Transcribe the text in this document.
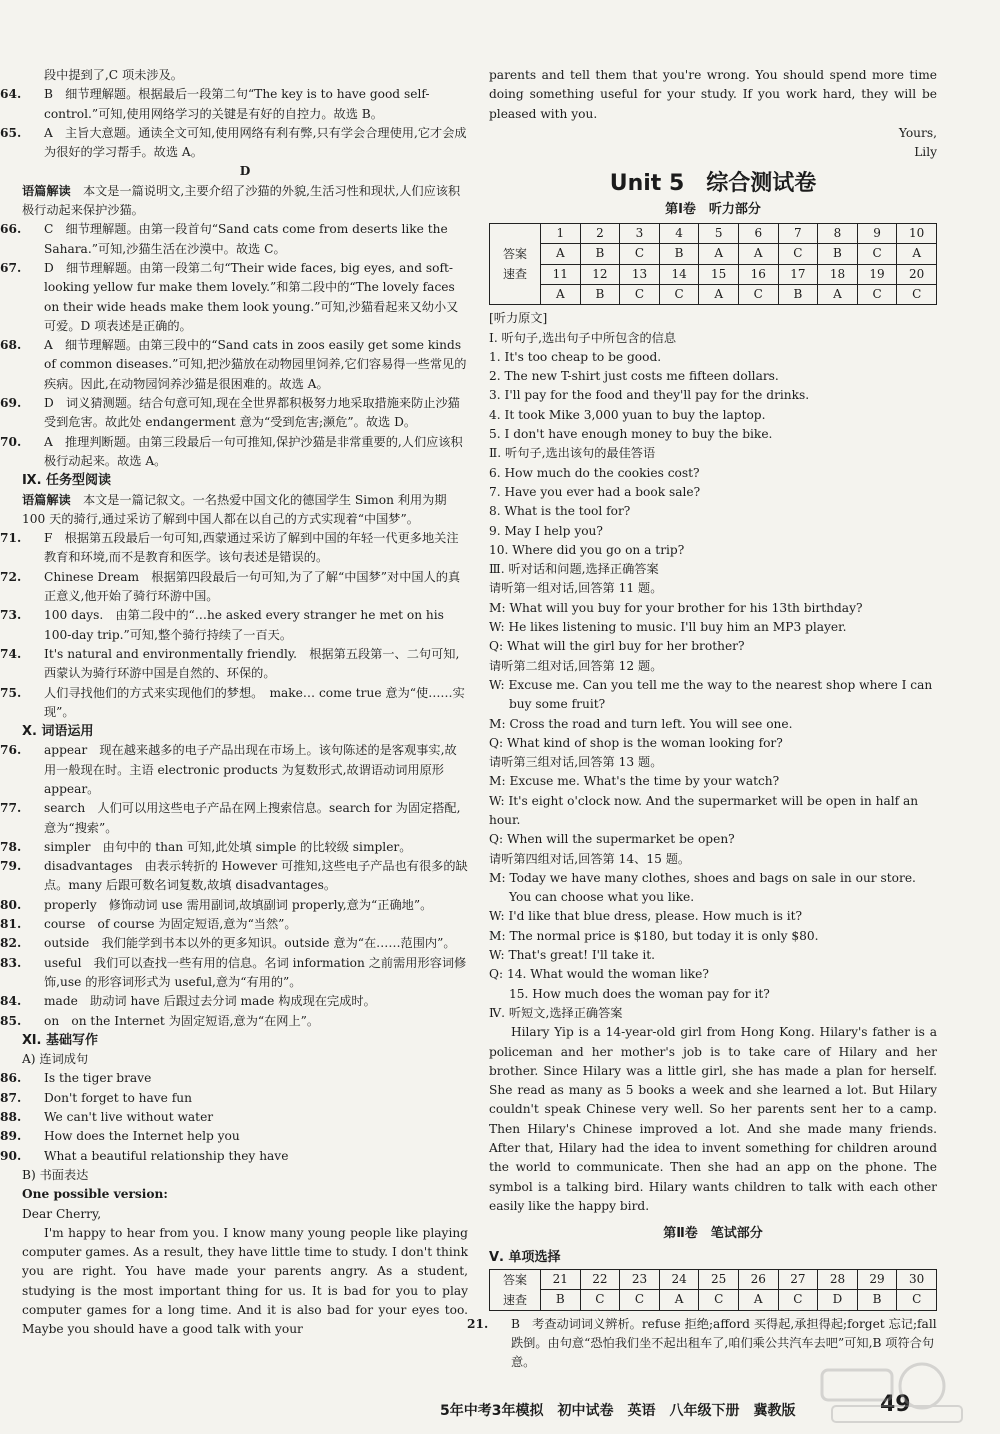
段中提到了,C 项未涉及。

64. B　细节理解题。根据最后一段第二句“The key is to have good self-control.”可知,使用网络学习的关键是有好的自控力。故选 B。

65. A　主旨大意题。通读全文可知,使用网络有利有弊,只有学会合理使用,它才会成为很好的学习帮手。故选 A。

D

语篇解读　 本文是一篇说明文,主要介绍了沙猫的外貌,生活习性和现状,人们应该积极行动起来保护沙猫。

66. C　细节理解题。由第一段首句“Sand cats come from deserts like the Sahara.”可知,沙猫生活在沙漠中。故选 C。

67. D　细节理解题。由第一段第二句“Their wide faces, big eyes, and soft-looking yellow fur make them lovely.”和第二段中的“The lovely faces on their wide heads make them look young.”可知,沙猫看起来又幼小又可爱。D 项表述是正确的。

68. A　细节理解题。由第三段中的“Sand cats in zoos easily get some kinds of common diseases.”可知,把沙猫放在动物园里饲养,它们容易得一些常见的疾病。因此,在动物园饲养沙猫是很困难的。故选 A。

69. D　词义猜测题。结合句意可知,现在全世界都积极努力地采取措施来防止沙猫受到危害。故此处 endangerment 意为“受到危害;濒危”。故选 D。

70. A　推理判断题。由第三段最后一句可推知,保护沙猫是非常重要的,人们应该积极行动起来。故选 A。

Ⅸ. 任务型阅读

语篇解读　 本文是一篇记叙文。一名热爱中国文化的德国学生 Simon 利用为期 100 天的骑行,通过采访了解到中国人都在以自己的方式实现着“中国梦”。

71. F　根据第五段最后一句可知,西蒙通过采访了解到中国的年轻一代更多地关注教育和环境,而不是教育和医学。该句表述是错误的。

72. Chinese Dream　根据第四段最后一句可知,为了了解“中国梦”对中国人的真正意义,他开始了骑行环游中国。

73. 100 days.　由第二段中的“…he asked every stranger he met on his 100-day trip.”可知,整个骑行持续了一百天。

74. It's natural and environmentally friendly.　根据第五段第一、二句可知,西蒙认为骑行环游中国是自然的、环保的。

75. 人们寻找他们的方式来实现他们的梦想。　make… come true 意为“使……实现”。

Ⅹ. 词语运用

76. appear　现在越来越多的电子产品出现在市场上。该句陈述的是客观事实,故用一般现在时。主语 electronic products 为复数形式,故谓语动词用原形 appear。

77. search　人们可以用这些电子产品在网上搜索信息。search for 为固定搭配,意为“搜索”。

78. simpler　由句中的 than 可知,此处填 simple 的比较级 simpler。

79. disadvantages　由表示转折的 However 可推知,这些电子产品也有很多的缺点。many 后跟可数名词复数,故填 disadvantages。

80. properly　修饰动词 use 需用副词,故填副词 properly,意为“正确地”。

81. course　of course 为固定短语,意为“当然”。

82. outside　我们能学到书本以外的更多知识。outside 意为“在……范围内”。

83. useful　我们可以查找一些有用的信息。名词 information 之前需用形容词修饰,use 的形容词形式为 useful,意为“有用的”。

84. made　助动词 have 后跟过去分词 made 构成现在完成时。

85. on　on the Internet 为固定短语,意为“在网上”。

Ⅺ. 基础写作

A) 连词成句

86. Is the tiger brave

87. Don't forget to have fun

88. We can't live without water

89. How does the Internet help you

90. What a beautiful relationship they have

B) 书面表达

One possible version:

Dear Cherry,

I'm happy to hear from you. I know many young people like playing computer games. As a result, they have little time to study. I don't think you are right. You have made your parents angry. As a student, studying is the most important thing for us. It is bad for you to play computer games for a long time. And it is also bad for your eyes too. Maybe you should have a good talk with your

parents and tell them that you're wrong. You should spend more time doing something useful for your study. If you work hard, they will be pleased with you.

Yours,

Lily

Unit 5　综合测试卷
第Ⅰ卷　听力部分
答案
速查	1	2	3	4	5	6	7	8	9	10
	A	B	C	B	A	A	C	B	C	A
	11	12	13	14	15	16	17	18	19	20
	A	B	C	C	A	C	B	A	C	C

[听力原文]

Ⅰ. 听句子,选出句子中所包含的信息

1. It's too cheap to be good.

2. The new T-shirt just costs me fifteen dollars.

3. I'll pay for the food and they'll pay for the drinks.

4. It took Mike 3,000 yuan to buy the laptop.

5. I don't have enough money to buy the bike.

Ⅱ. 听句子,选出该句的最佳答语

6. How much do the cookies cost?

7. Have you ever had a book sale?

8. What is the tool for?

9. May I help you?

10. Where did you go on a trip?

Ⅲ. 听对话和问题,选择正确答案

请听第一组对话,回答第 11 题。

M: What will you buy for your brother for his 13th birthday?

W: He likes listening to music. I'll buy him an MP3 player.

Q: What will the girl buy for her brother?

请听第二组对话,回答第 12 题。

W: Excuse me. Can you tell me the way to the nearest shop where I can buy some fruit?

M: Cross the road and turn left. You will see one.

Q: What kind of shop is the woman looking for?

请听第三组对话,回答第 13 题。

M: Excuse me. What's the time by your watch?

W: It's eight o'clock now. And the supermarket will be open in half an hour.

Q: When will the supermarket be open?

请听第四组对话,回答第 14、15 题。

M: Today we have many clothes, shoes and bags on sale in our store. You can choose what you like.

W: I'd like that blue dress, please. How much is it?

M: The normal price is $180, but today it is only $80.

W: That's great! I'll take it.

Q: 14. What would the woman like?

15. How much does the woman pay for it?

Ⅳ. 听短文,选择正确答案

Hilary Yip is a 14-year-old girl from Hong Kong. Hilary's father is a policeman and her mother's job is to take care of Hilary and her brother. Since Hilary was a little girl, she has made a plan for herself. She read as many as 5 books a week and she learned a lot. But Hilary couldn't speak Chinese very well. So her parents sent her to a camp. Then Hilary's Chinese improved a lot. And she made many friends. After that, Hilary had the idea to invent something for children around the world to communicate. Then she had an app on the phone. The symbol is a talking bird. Hilary wants children to talk with each other easily like the happy bird.

第Ⅱ卷　笔试部分

Ⅴ. 单项选择

答案
速查	21	22	23	24	25	26	27	28	29	30
	B	C	C	A	C	A	C	D	B	C

21. B　考查动词词义辨析。refuse 拒绝;afford 买得起,承担得起;forget 忘记;fall 跌倒。由句意“恐怕我们坐不起出租车了,咱们乘公共汽车去吧”可知,B 项符合句意。

5年中考3年模拟　初中试卷　英语　八年级下册　冀教版	49
